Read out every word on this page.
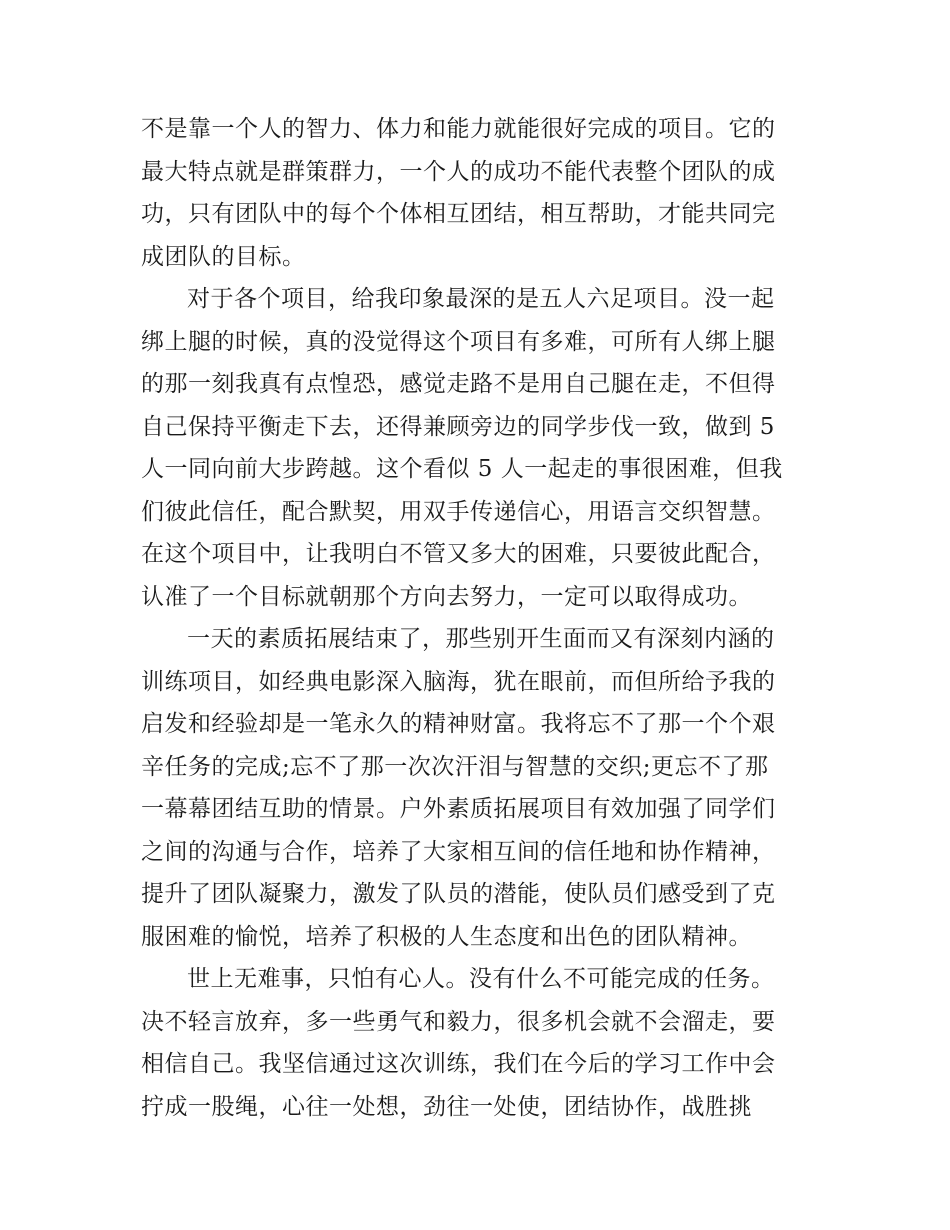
不是靠一个人的智力、体力和能力就能很好完成的项目。它的
最大特点就是群策群力，一个人的成功不能代表整个团队的成
功，只有团队中的每个个体相互团结，相互帮助，才能共同完
成团队的目标。
对于各个项目，给我印象最深的是五人六足项目。没一起
绑上腿的时候，真的没觉得这个项目有多难，可所有人绑上腿
的那一刻我真有点惶恐，感觉走路不是用自己腿在走，不但得
自己保持平衡走下去，还得兼顾旁边的同学步伐一致，做到 5
人一同向前大步跨越。这个看似 5 人一起走的事很困难，但我
们彼此信任，配合默契，用双手传递信心，用语言交织智慧。
在这个项目中，让我明白不管又多大的困难，只要彼此配合，
认准了一个目标就朝那个方向去努力，一定可以取得成功。
一天的素质拓展结束了，那些别开生面而又有深刻内涵的
训练项目，如经典电影深入脑海，犹在眼前，而但所给予我的
启发和经验却是一笔永久的精神财富。我将忘不了那一个个艰
辛任务的完成;忘不了那一次次汗泪与智慧的交织;更忘不了那
一幕幕团结互助的情景。户外素质拓展项目有效加强了同学们
之间的沟通与合作，培养了大家相互间的信任地和协作精神，
提升了团队凝聚力，激发了队员的潜能，使队员们感受到了克
服困难的愉悦，培养了积极的人生态度和出色的团队精神。
世上无难事，只怕有心人。没有什么不可能完成的任务。
决不轻言放弃，多一些勇气和毅力，很多机会就不会溜走，要
相信自己。我坚信通过这次训练，我们在今后的学习工作中会
拧成一股绳，心往一处想，劲往一处使，团结协作，战胜挑
